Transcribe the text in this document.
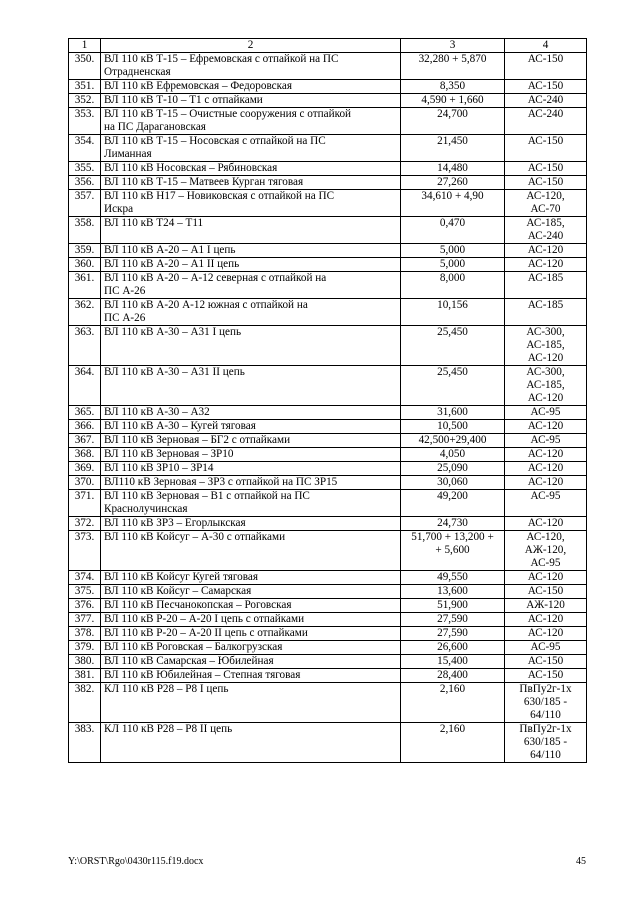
1	2	3	4
350.	ВЛ 110 кВ Т-15 – Ефремовская с отпайкой на ПС
Отрадненская	32,280 + 5,870	АС-150

351.	ВЛ 110 кВ Ефремовская – Федоровская	8,350	АС-150

352.	ВЛ 110 кВ Т-10 – Т1 с отпайками	4,590 + 1,660	АС-240

353.	ВЛ 110 кВ Т-15 – Очистные сооружения с отпайкой
на ПС Дарагановская	24,700	АС-240

354.	ВЛ 110 кВ Т-15 – Носовская с отпайкой на ПС
Лиманная	21,450	АС-150

355.	ВЛ 110 кВ Носовская – Рябиновская	14,480	АС-150

356.	ВЛ 110 кВ Т-15 – Матвеев Курган тяговая	27,260	АС-150

357.	ВЛ 110 кВ Н17 – Новиковская с отпайкой на ПС
Искра	34,610 + 4,90	АС-120,
АС-70

358.	ВЛ 110 кВ Т24 – Т11	0,470	АС-185,
АС-240

359.	ВЛ 110 кВ А-20 – А1 I цепь	5,000	АС-120

360.	ВЛ 110 кВ А-20 – А1 II цепь	5,000	АС-120

361.	ВЛ 110 кВ А-20 – А-12 северная с отпайкой на
ПС А-26	8,000	АС-185

362.	ВЛ 110 кВ А-20 А-12 южная с отпайкой на
ПС А-26	10,156	АС-185

363.	ВЛ 110 кВ А-30 – А31 I цепь	25,450	АС-300,
АС-185,
АС-120

364.	ВЛ 110 кВ А-30 – А31 II цепь	25,450	АС-300,
АС-185,
АС-120

365.	ВЛ 110 кВ А-30 – А32	31,600	АС-95

366.	ВЛ 110 кВ А-30 – Кугей тяговая	10,500	АС-120

367.	ВЛ 110 кВ Зерновая – БГ2 с отпайками	42,500+29,400	АС-95

368.	ВЛ 110 кВ Зерновая – ЗР10	4,050	АС-120

369.	ВЛ 110 кВ ЗР10 – ЗР14	25,090	АС-120

370.	ВЛ110 кВ Зерновая – ЗР3 с отпайкой на ПС ЗР15	30,060	АС-120

371.	ВЛ 110 кВ Зерновая – В1 с отпайкой на ПС
Краснолучинская	49,200	АС-95

372.	ВЛ 110 кВ ЗР3 – Егорлыкская	24,730	АС-120

373.	ВЛ 110 кВ Койсуг – А-30 с отпайками	51,700 + 13,200 +
+ 5,600	АС-120,
АЖ-120,
АС-95

374.	ВЛ 110 кВ Койсуг Кугей тяговая	49,550	АС-120

375.	ВЛ 110 кВ Койсуг – Самарская	13,600	АС-150

376.	ВЛ 110 кВ Песчанокопская – Роговская	51,900	АЖ-120

377.	ВЛ 110 кВ Р-20 – А-20 I цепь с отпайками	27,590	АС-120

378.	ВЛ 110 кВ Р-20 – А-20 II цепь с отпайками	27,590	АС-120

379.	ВЛ 110 кВ Роговская – Балкогрузская	26,600	АС-95

380.	ВЛ 110 кВ Самарская – Юбилейная	15,400	АС-150

381.	ВЛ 110 кВ Юбилейная – Степная тяговая	28,400	АС-150

382.	КЛ 110 кВ Р28 – Р8 I цепь	2,160	ПвПу2г-1х
630/185 -
64/110

383.	КЛ 110 кВ Р28 – Р8 II цепь	2,160	ПвПу2г-1х
630/185 -
64/110
Y:\ORST\Rgo\0430r115.f19.docx	45
